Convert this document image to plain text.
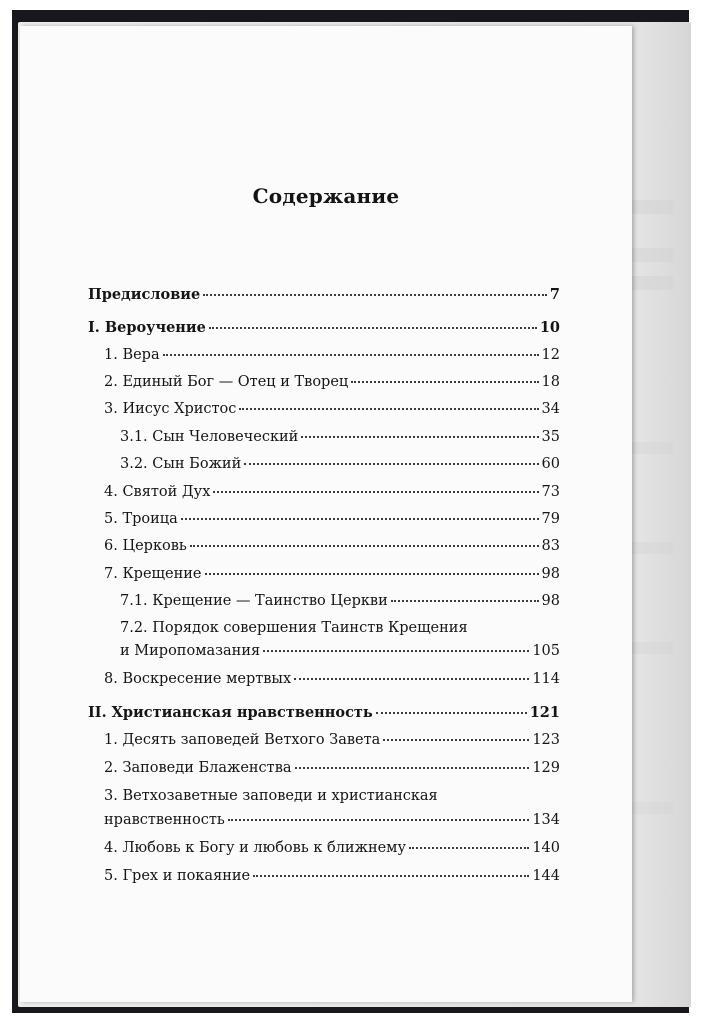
Содержание
Предисловие	7
I. Вероучение	10
1. Вера	12
2. Единый Бог — Отец и Творец	18
3. Иисус Христос	34
3.1. Сын Человеческий	35
3.2. Сын Божий	60
4. Святой Дух	73
5. Троица	79
6. Церковь	83
7. Крещение	98
7.1. Крещение — Таинство Церкви	98
7.2. Порядок совершения Таинств Крещения
и Миропомазания	105
8. Воскресение мертвых	114
II. Христианская нравственность	121
1. Десять заповедей Ветхого Завета	123
2. Заповеди Блаженства	129
3. Ветхозаветные заповеди и христианская
нравственность	134
4. Любовь к Богу и любовь к ближнему	140
5. Грех и покаяние	144
